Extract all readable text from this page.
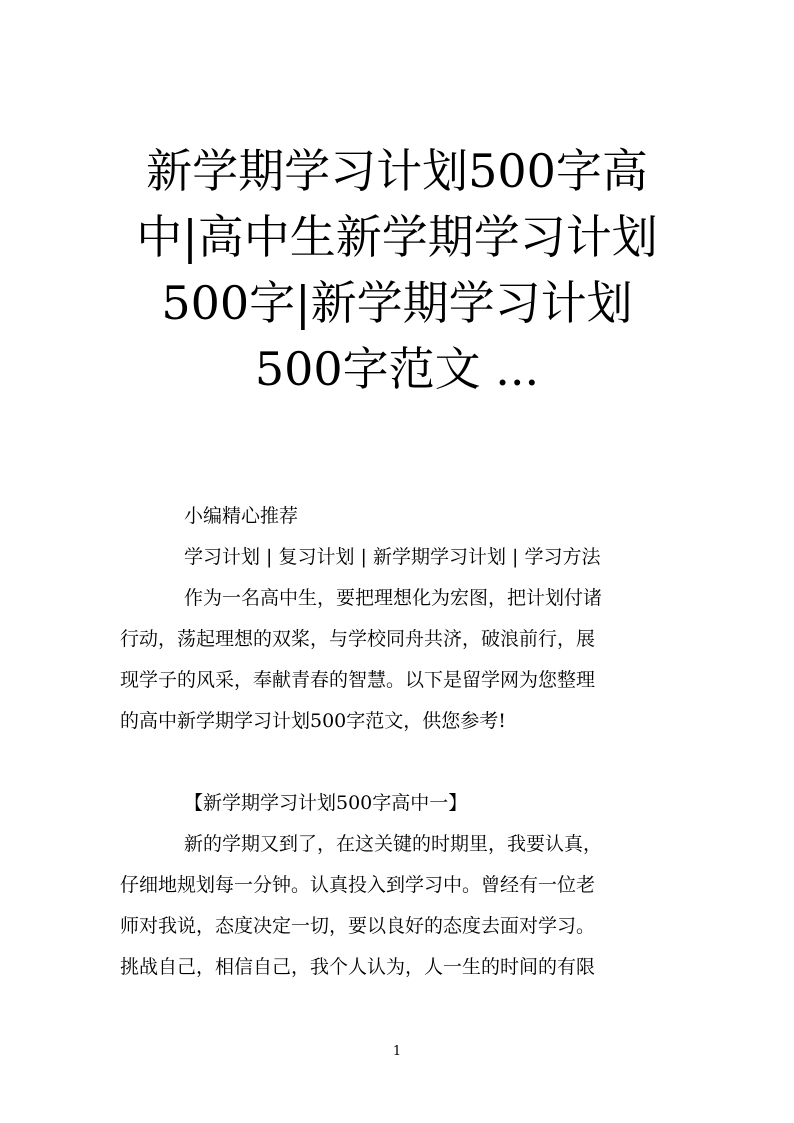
新学期学习计划500字高
中|高中生新学期学习计划
500字|新学期学习计划
500字范文 ...

小编精心推荐

学习计划 | 复习计划 | 新学期学习计划 | 学习方法

作为一名高中生，要把理想化为宏图，把计划付诸
行动，荡起理想的双桨，与学校同舟共济，破浪前行，展
现学子的风采，奉献青春的智慧。以下是留学网为您整理
的高中新学期学习计划500字范文，供您参考!

【新学期学习计划500字高中一】

新的学期又到了，在这关键的时期里，我要认真，
仔细地规划每一分钟。认真投入到学习中。曾经有一位老
师对我说，态度决定一切，要以良好的态度去面对学习。
挑战自己，相信自己，我个人认为，人一生的时间的有限
1
